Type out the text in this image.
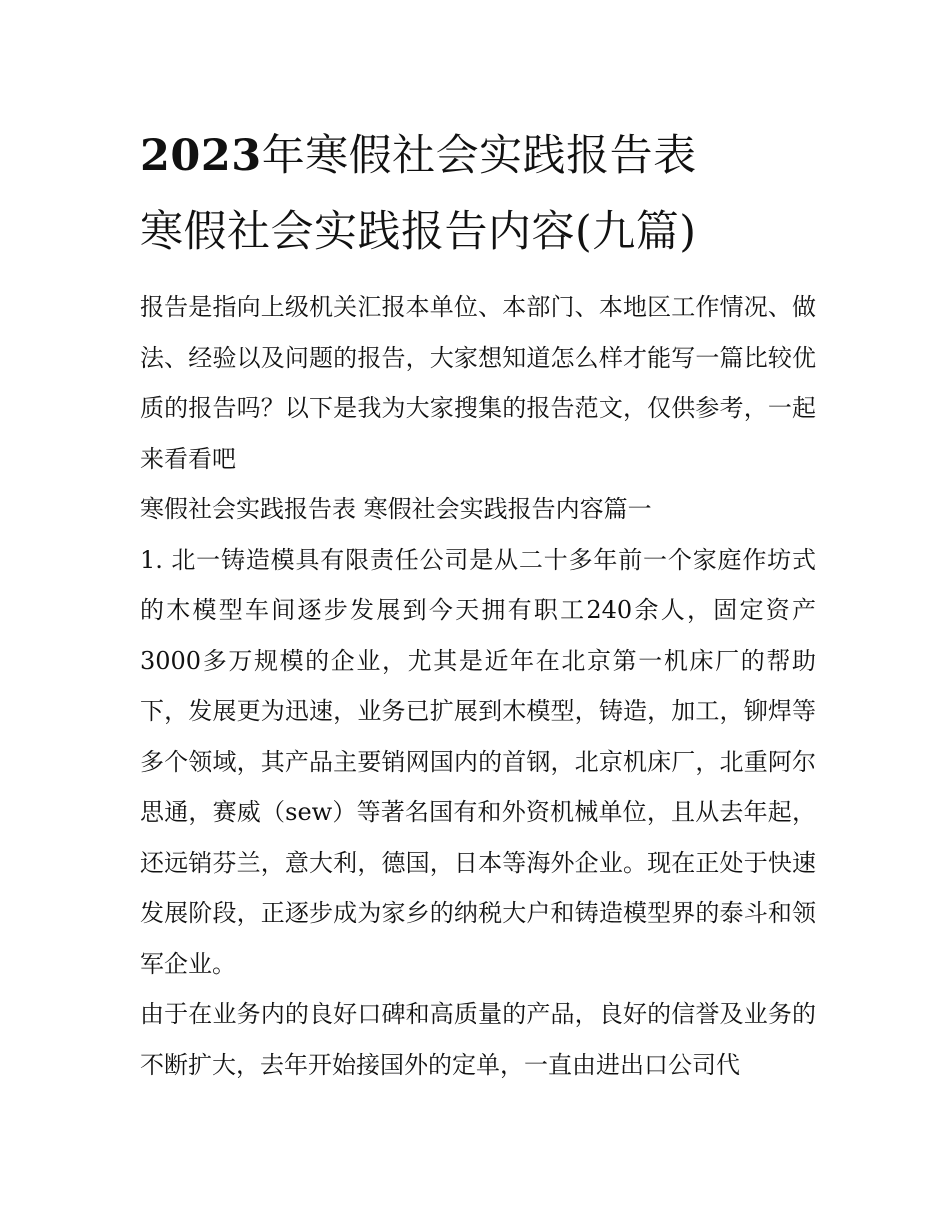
2023年寒假社会实践报告表
寒假社会实践报告内容(九篇)

报告是指向上级机关汇报本单位、本部门、本地区工作情况、做法、经验以及问题的报告，大家想知道怎么样才能写一篇比较优质的报告吗？以下是我为大家搜集的报告范文，仅供参考，一起来看看吧

寒假社会实践报告表 寒假社会实践报告内容篇一

1. 北一铸造模具有限责任公司是从二十多年前一个家庭作坊式的木模型车间逐步发展到今天拥有职工240余人，固定资产3000多万规模的企业，尤其是近年在北京第一机床厂的帮助下，发展更为迅速，业务已扩展到木模型，铸造，加工，铆焊等多个领域，其产品主要销网国内的首钢，北京机床厂，北重阿尔思通，赛威（sew）等著名国有和外资机械单位，且从去年起，还远销芬兰，意大利，德国，日本等海外企业。现在正处于快速发展阶段，正逐步成为家乡的纳税大户和铸造模型界的泰斗和领军企业。

由于在业务内的良好口碑和高质量的产品，良好的信誉及业务的不断扩大，去年开始接国外的定单，一直由进出口公司代
